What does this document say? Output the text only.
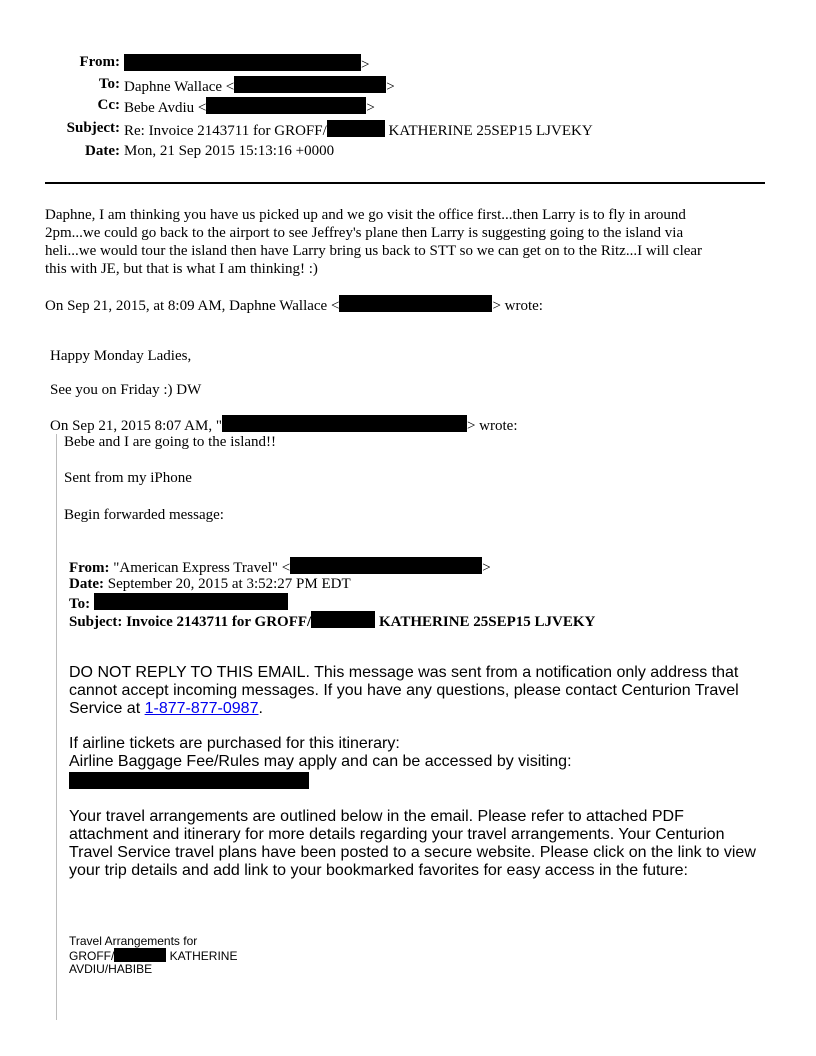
From:	>
To: Daphne Wallace <	>
Cc: Bebe Avdiu <	>
Subject: Re: Invoice 2143711 for GROFF/	KATHERINE 25SEP15 LJVEKY
Date: Mon, 21 Sep 2015 15:13:16 +0000
Daphne, I am thinking you have us picked up and we go visit the office first...then Larry is to fly in around
2pm...we could go back to the airport to see Jeffrey's plane then Larry is suggesting going to the island via
heli...we would tour the island then have Larry bring us back to STT so we can get on to the Ritz...I will clear
this with JE, but that is what I am thinking! :)
On Sep 21, 2015, at 8:09 AM, Daphne Wallace <	> wrote:
Happy Monday Ladies,
See you on Friday :) DW
On Sep 21, 2015 8:07 AM, "	> wrote:
Bebe and I are going to the island!!
Sent from my iPhone
Begin forwarded message:
From: "American Express Travel" <	>
Date: September 20, 2015 at 3:52:27 PM EDT
To:
Subject: Invoice 2143711 for GROFF/	KATHERINE 25SEP15 LJVEKY
DO NOT REPLY TO THIS EMAIL. This message was sent from a notification only address that
cannot accept incoming messages. If you have any questions, please contact Centurion Travel
Service at 1-877-877-0987.
If airline tickets are purchased for this itinerary:
Airline Baggage Fee/Rules may apply and can be accessed by visiting:
Your travel arrangements are outlined below in the email. Please refer to attached PDF
attachment and itinerary for more details regarding your travel arrangements. Your Centurion
Travel Service travel plans have been posted to a secure website. Please click on the link to view
your trip details and add link to your bookmarked favorites for easy access in the future:
Travel Arrangements for
GROFF/	KATHERINE
AVDIU/HABIBE
